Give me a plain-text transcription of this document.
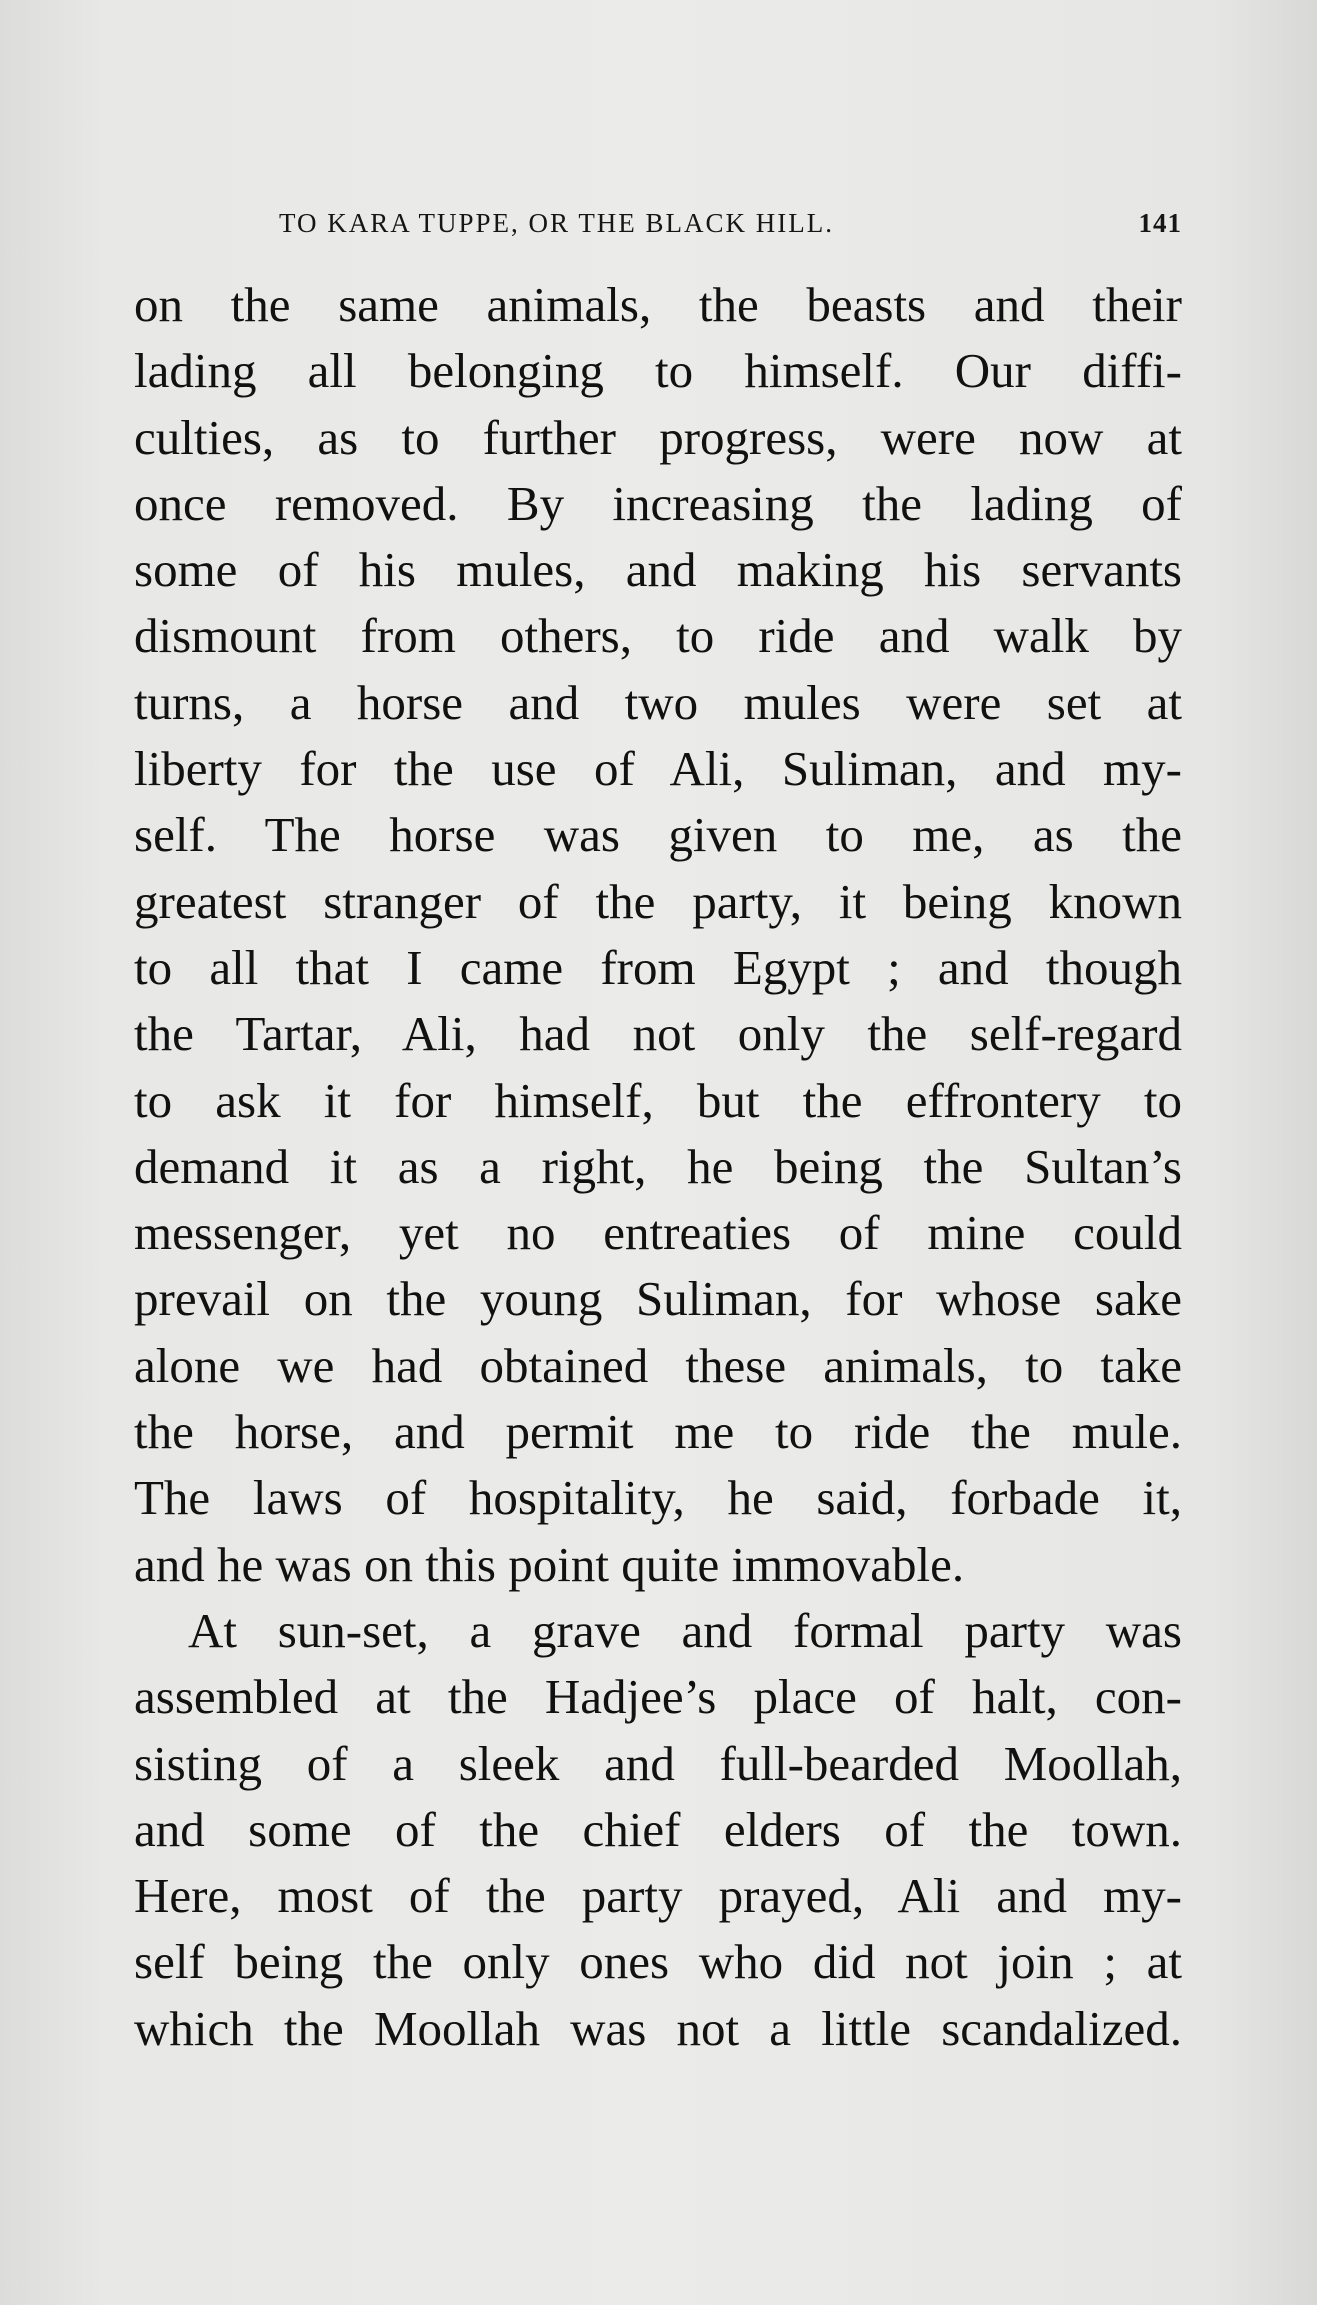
TO KARA TUPPE, OR THE BLACK HILL.	141
on the same animals, the beasts and their
lading all belonging to himself. Our diffi-
culties, as to further progress, were now at
once removed. By increasing the lading of
some of his mules, and making his servants
dismount from others, to ride and walk by
turns, a horse and two mules were set at
liberty for the use of Ali, Suliman, and my-
self. The horse was given to me, as the
greatest stranger of the party, it being known
to all that I came from Egypt ; and though
the Tartar, Ali, had not only the self-regard
to ask it for himself, but the effrontery to
demand it as a right, he being the Sultan’s
messenger, yet no entreaties of mine could
prevail on the young Suliman, for whose sake
alone we had obtained these animals, to take
the horse, and permit me to ride the mule.
The laws of hospitality, he said, forbade it,
and he was on this point quite immovable.
At sun-set, a grave and formal party was
assembled at the Hadjee’s place of halt, con-
sisting of a sleek and full-bearded Moollah,
and some of the chief elders of the town.
Here, most of the party prayed, Ali and my-
self being the only ones who did not join ; at
which the Moollah was not a little scandalized.
